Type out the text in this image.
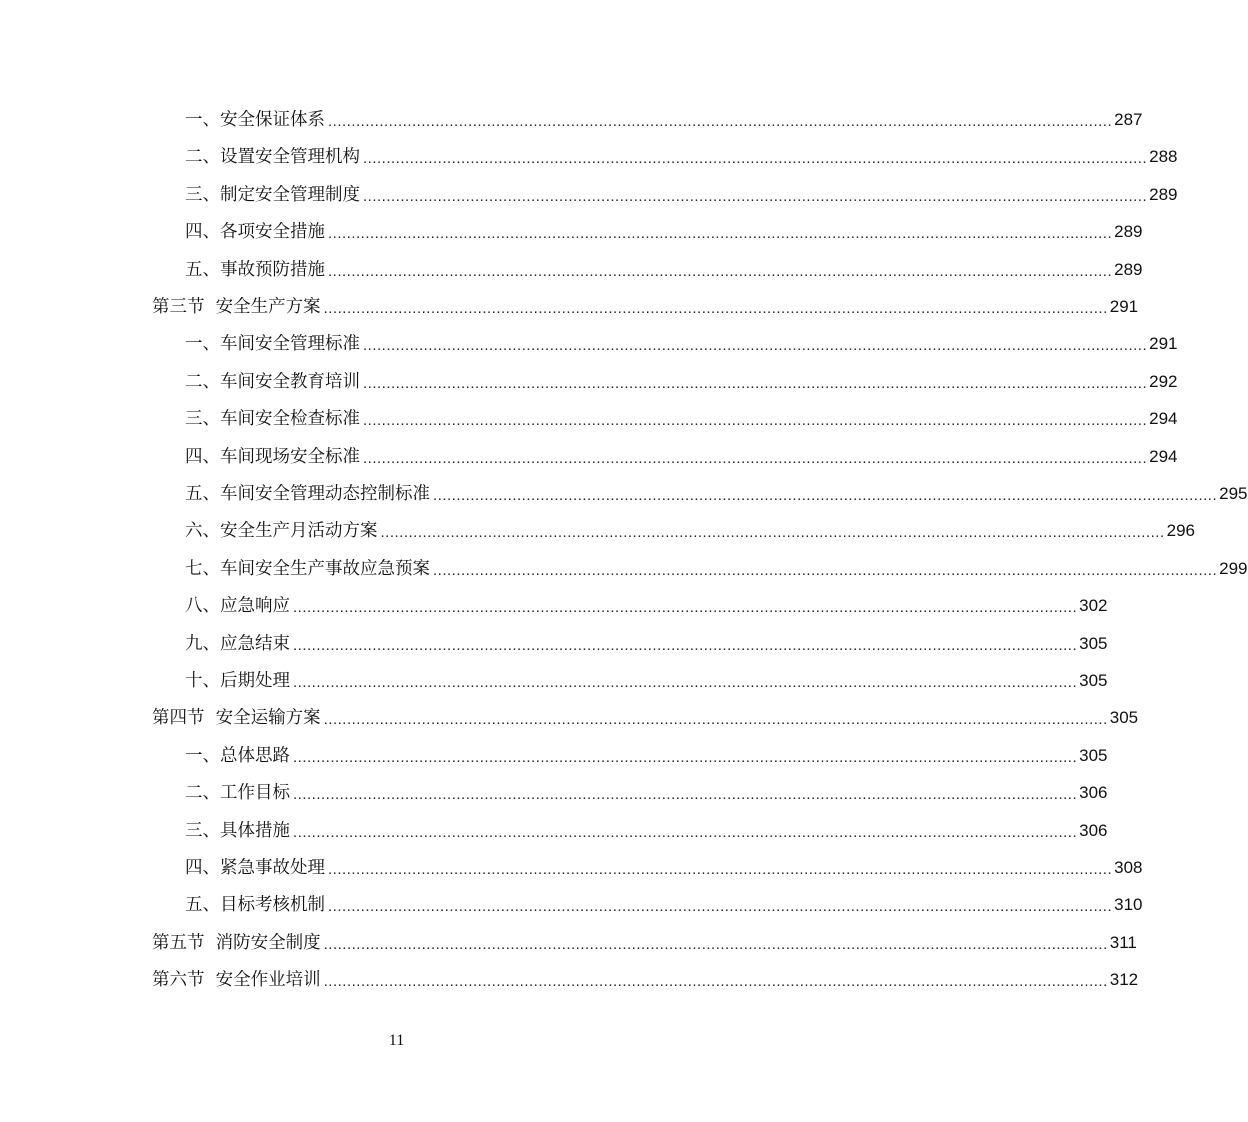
一、安全保证体系 ........................................................................................................................................................................ 287
二、设置安全管理机构 ........................................................................................................................................................................ 288
三、制定安全管理制度 ........................................................................................................................................................................ 289
四、各项安全措施 ........................................................................................................................................................................ 289
五、事故预防措施 ........................................................................................................................................................................ 289
第三节  安全生产方案 ........................................................................................................................................................................ 291
一、车间安全管理标准 ........................................................................................................................................................................ 291
二、车间安全教育培训 ........................................................................................................................................................................ 292
三、车间安全检查标准 ........................................................................................................................................................................ 294
四、车间现场安全标准 ........................................................................................................................................................................ 294
五、车间安全管理动态控制标准 ........................................................................................................................................................................ 295
六、安全生产月活动方案 ........................................................................................................................................................................ 296
七、车间安全生产事故应急预案 ........................................................................................................................................................................ 299
八、应急响应 ........................................................................................................................................................................ 302
九、应急结束 ........................................................................................................................................................................ 305
十、后期处理 ........................................................................................................................................................................ 305
第四节  安全运输方案 ........................................................................................................................................................................ 305
一、总体思路 ........................................................................................................................................................................ 305
二、工作目标 ........................................................................................................................................................................ 306
三、具体措施 ........................................................................................................................................................................ 306
四、紧急事故处理 ........................................................................................................................................................................ 308
五、目标考核机制 ........................................................................................................................................................................ 310
第五节  消防安全制度 ........................................................................................................................................................................ 311
第六节  安全作业培训 ........................................................................................................................................................................ 312
11
